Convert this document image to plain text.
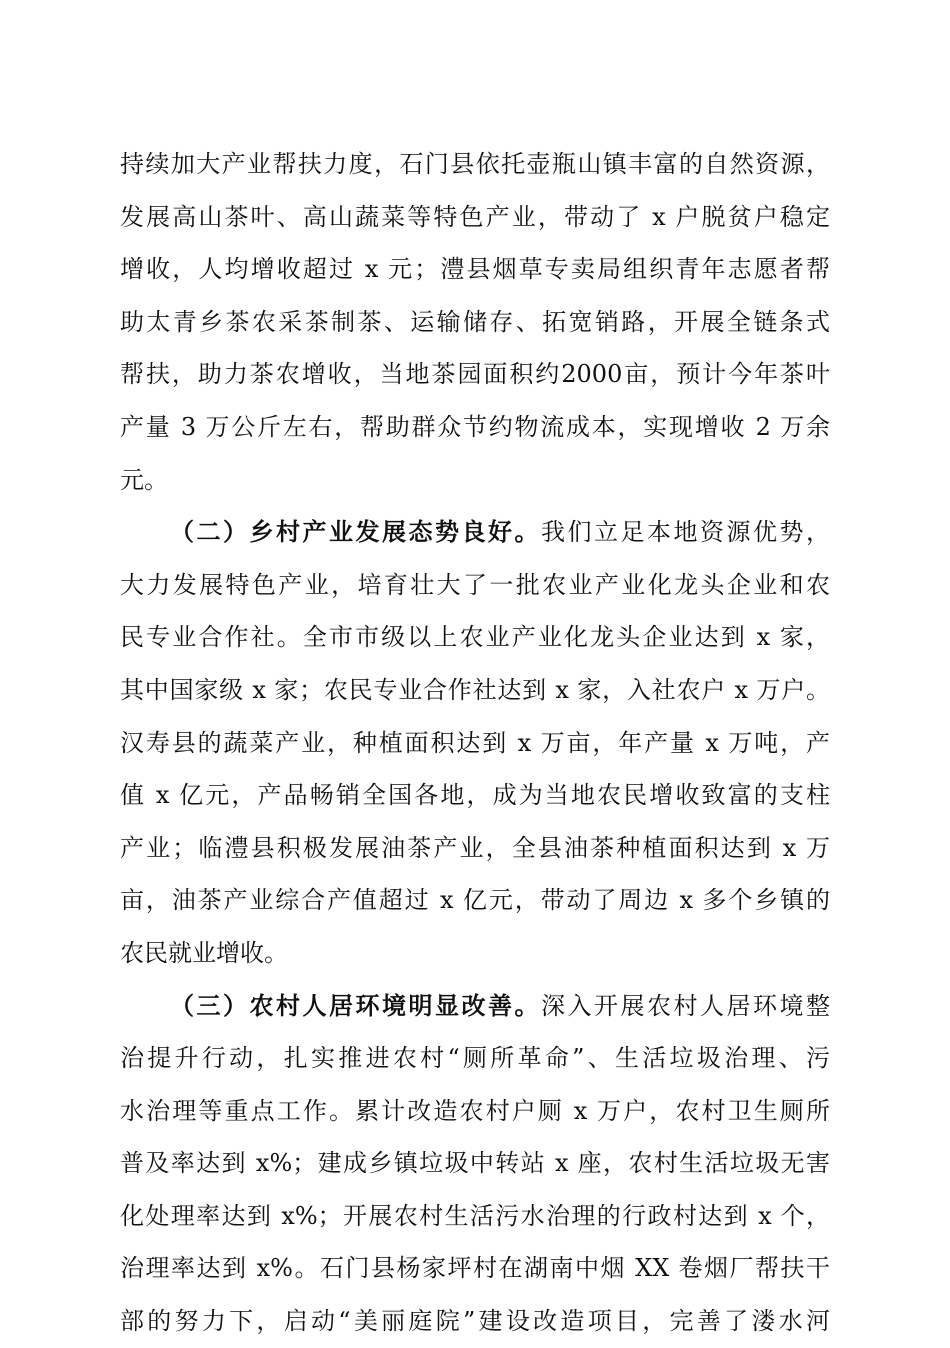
持续加大产业帮扶力度，石门县依托壶瓶山镇丰富的自然资源，
发展高山茶叶、高山蔬菜等特色产业，带动了 x 户脱贫户稳定
增收，人均增收超过 x 元；澧县烟草专卖局组织青年志愿者帮
助太青乡茶农采茶制茶、运输储存、拓宽销路，开展全链条式
帮扶，助力茶农增收，当地茶园面积约2000亩，预计今年茶叶
产量 3 万公斤左右，帮助群众节约物流成本，实现增收 2 万余
元。
（二）乡村产业发展态势良好。我们立足本地资源优势，
大力发展特色产业，培育壮大了一批农业产业化龙头企业和农
民专业合作社。全市市级以上农业产业化龙头企业达到 x 家，
其中国家级 x 家；农民专业合作社达到 x 家，入社农户 x 万户。
汉寿县的蔬菜产业，种植面积达到 x 万亩，年产量 x 万吨，产
值 x 亿元，产品畅销全国各地，成为当地农民增收致富的支柱
产业；临澧县积极发展油茶产业，全县油茶种植面积达到 x 万
亩，油茶产业综合产值超过 x 亿元，带动了周边 x 多个乡镇的
农民就业增收。
（三）农村人居环境明显改善。深入开展农村人居环境整
治提升行动，扎实推进农村“厕所革命”、生活垃圾治理、污
水治理等重点工作。累计改造农村户厕 x 万户，农村卫生厕所
普及率达到 x%；建成乡镇垃圾中转站 x 座，农村生活垃圾无害
化处理率达到 x%；开展农村生活污水治理的行政村达到 x 个，
治理率达到 x%。石门县杨家坪村在湖南中烟 XX 卷烟厂帮扶干
部的努力下，启动“美丽庭院”建设改造项目，完善了溇水河
